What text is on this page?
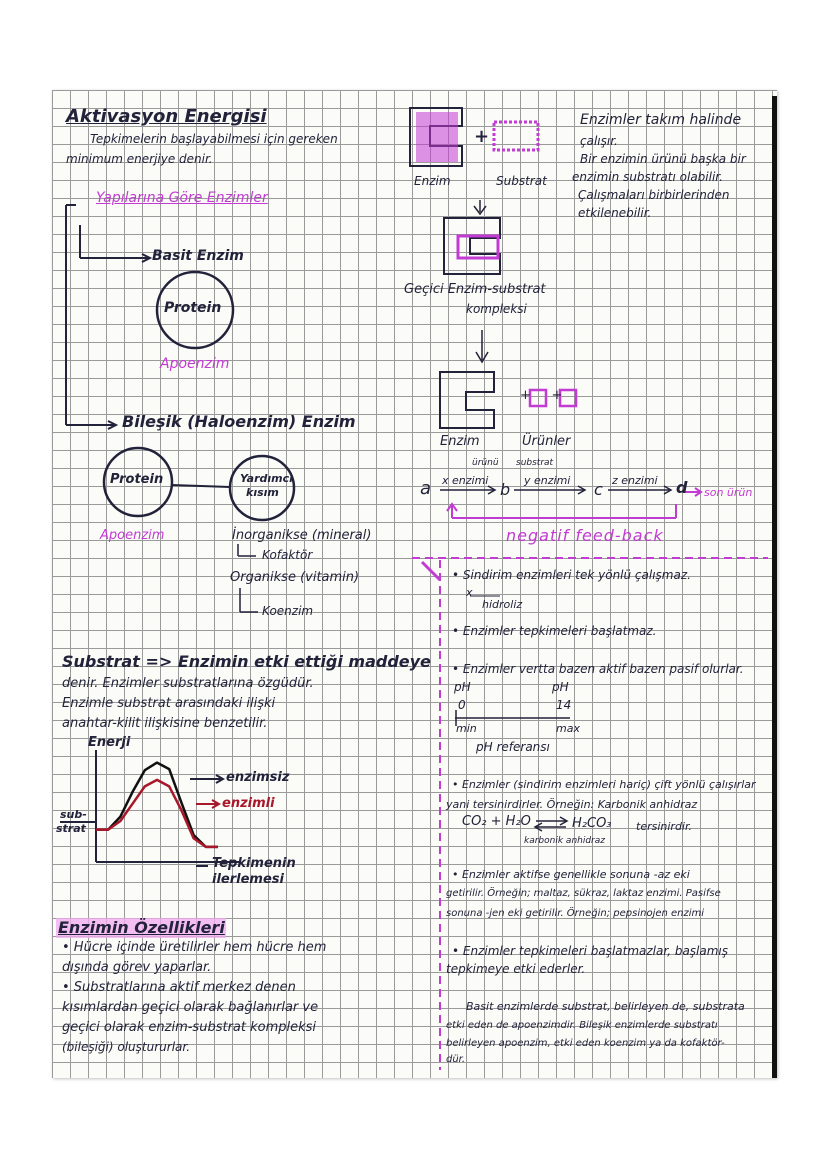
Aktivasyon Energisi
Tepkimelerin başlayabilmesi için gereken
minimum enerjiye denir.
Yapılarına Göre Enzimler
Basit Enzim
Protein
Apoenzim
Bileşik (Haloenzim) Enzim
Protein	Yardımcı
kısım
Apoenzim	İnorganikse (mineral)
Kofaktör
Organikse (vitamin)
Koenzim
Substrat => Enzimin etki ettiği maddeye
denir. Enzimler substratlarına özgüdür.
Enzimle substrat arasındaki ilişki
anahtar-kilit ilişkisine benzetilir.
Enerji
enzimsiz
enzimli
sub-
strat
Tepkimenin
ilerlemesi
Enzimin Özellikleri
• Hücre içinde üretilirler hem hücre hem
dışında görev yaparlar.
• Substratlarına aktif merkez denen
kısımlardan geçici olarak bağlanırlar ve
geçici olarak enzim-substrat kompleksi
(bileşiği) oluştururlar.
+
Enzim	Substrat
Enzimler takım halinde
çalışır.
Bir enzimin ürünü başka bir
enzimin substratı olabilir.
Çalışmaları birbirlerinden
etkilenebilir.
Geçici Enzim-substrat
kompleksi
+     +
Enzim	Ürünler
a	b	c	d
x enzimi	y enzimi	z enzimi
ürünü substrat
son ürün
negatif feed-back
• Sindirim enzimleri tek yönlü çalışmaz.
x
hidroliz
• Enzimler tepkimeleri başlatmaz.
• Enzimler vertta bazen aktif bazen pasif olurlar.
pH	pH
0	14
min	max
pH referansı
• Enzimler (sindirim enzimleri hariç) çift yönlü çalışırlar
yani tersinirdirler. Örneğin: Karbonik anhidraz
CO₂ + H₂O	H₂CO₃ tersinirdir.
karbonik anhidraz
• Enzimler aktifse genellikle sonuna -az eki
getirilir. Örneğin; maltaz, sükraz, laktaz enzimi. Pasifse
sonuna -jen eki getirilir. Örneğin; pepsinojen enzimi
• Enzimler tepkimeleri başlatmazlar, başlamış
tepkimeye etki ederler.
Basit enzimlerde substrat, belirleyen de, substrata
etki eden de apoenzimdir. Bileşik enzimlerde substratı
belirleyen apoenzim, etki eden koenzim ya da kofaktör-
dür.
